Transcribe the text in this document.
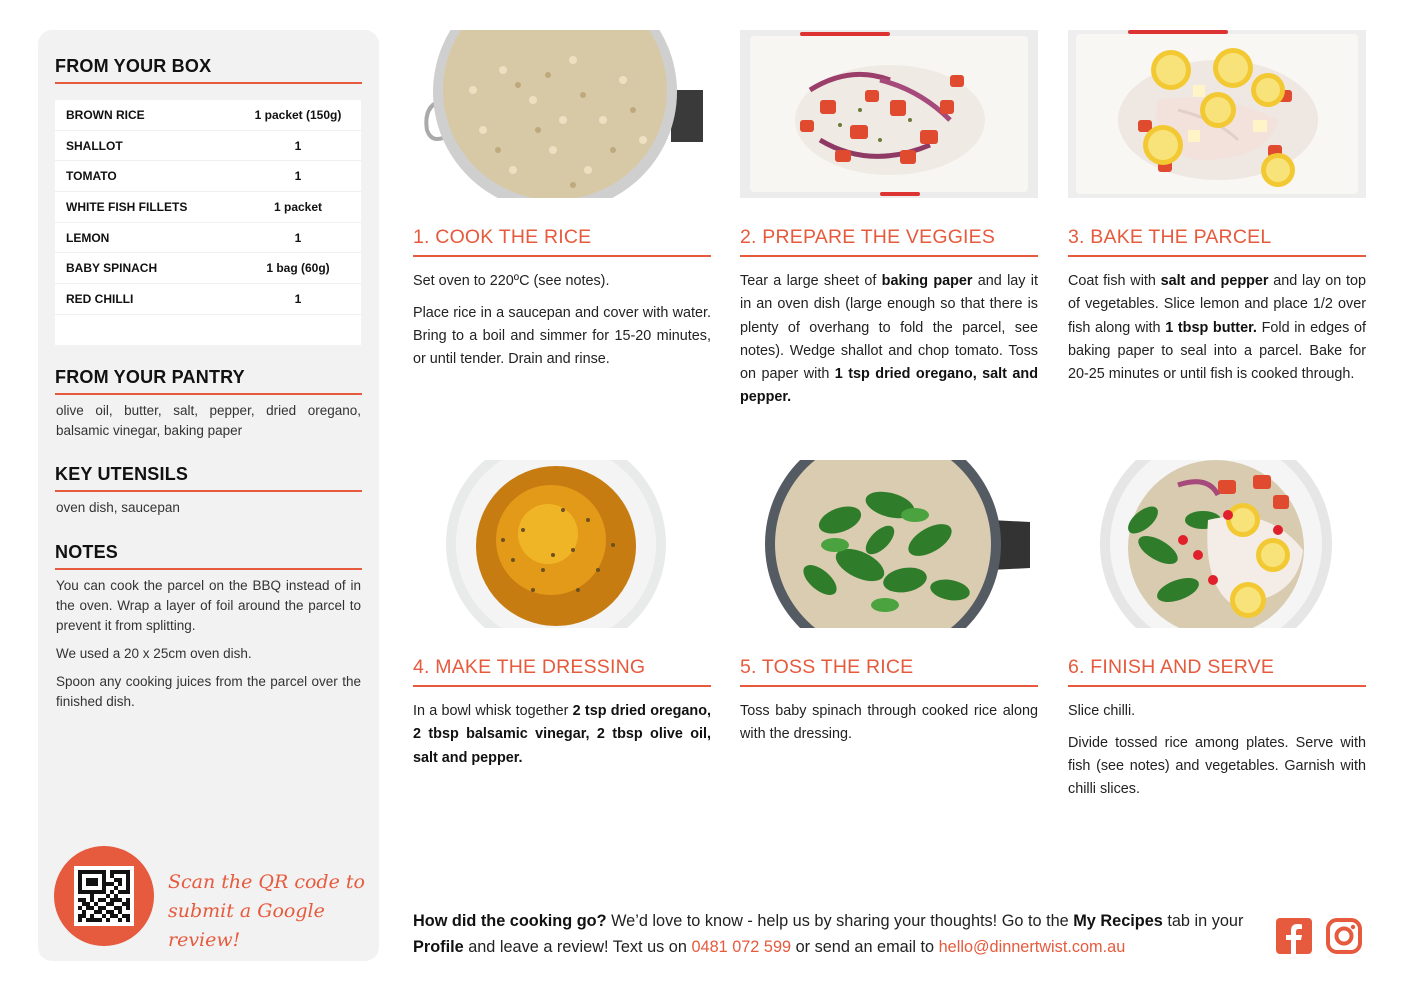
FROM YOUR BOX
BROWN RICE	1 packet (150g)
SHALLOT	1
TOMATO	1
WHITE FISH FILLETS	1 packet
LEMON	1
BABY SPINACH	1 bag (60g)
RED CHILLI	1
FROM YOUR PANTRY
olive oil, butter, salt, pepper, dried oregano, balsamic vinegar, baking paper
KEY UTENSILS
oven dish, saucepan
NOTES

You can cook the parcel on the BBQ instead of in the oven. Wrap a layer of foil around the parcel to prevent it from splitting.

We used a 20 x 25cm oven dish.

Spoon any cooking juices from the parcel over the finished dish.

Scan the QR code to
submit a Google review!
1. COOK THE RICE

Set oven to 220ºC (see notes).

Place rice in a saucepan and cover with water. Bring to a boil and simmer for 15-20 minutes, or until tender. Drain and rinse.

2. PREPARE THE VEGGIES

Tear a large sheet of baking paper and lay it in an oven dish (large enough so that there is plenty of overhang to fold the parcel, see notes). Wedge shallot and chop tomato. Toss on paper with 1 tsp dried oregano, salt and pepper.

3. BAKE THE PARCEL

Coat fish with salt and pepper and lay on top of vegetables. Slice lemon and place 1/2 over fish along with 1 tbsp butter. Fold in edges of baking paper to seal into a parcel. Bake for 20-25 minutes or until fish is cooked through.

4. MAKE THE DRESSING

In a bowl whisk together 2 tsp dried oregano, 2 tbsp balsamic vinegar, 2 tbsp olive oil, salt and pepper.

5. TOSS THE RICE

Toss baby spinach through cooked rice along with the dressing.

6. FINISH AND SERVE

Slice chilli.

Divide tossed rice among plates. Serve with fish (see notes) and vegetables. Garnish with chilli slices.

How did the cooking go? We’d love to know - help us by sharing your thoughts! Go to the My Recipes tab in your Profile and leave a review! Text us on 0481 072 599 or send an email to hello@dinnertwist.com.au
